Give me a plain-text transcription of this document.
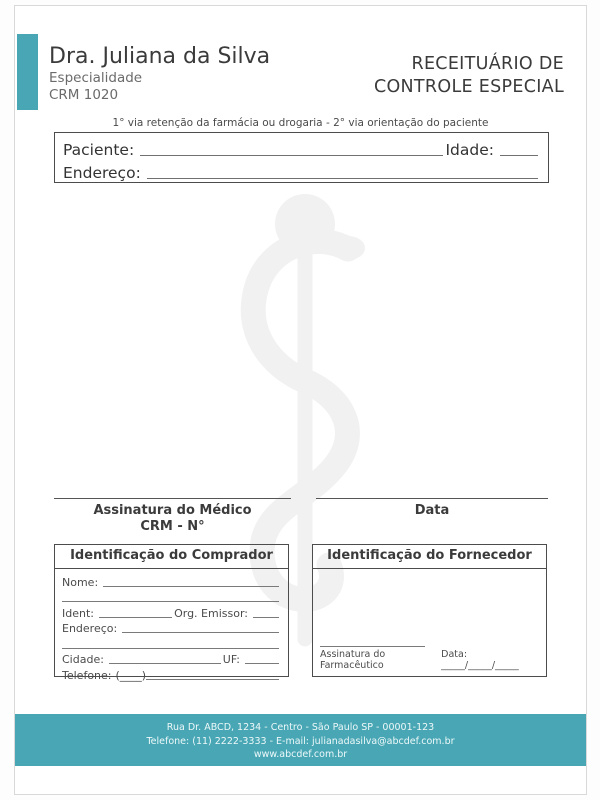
Dra. Juliana da Silva
Especialidade
CRM 1020
RECEITUÁRIO DE
CONTROLE ESPECIAL
1° via retenção da farmácia ou drogaria - 2° via orientação do paciente
Paciente:	Idade:
Endereço:
Assinatura do Médico
CRM - N°
Data
Identificação do Comprador
Nome:
Ident:	Org. Emissor:
Endereço:
Cidade:	UF:
Telefone: (____)
Identificação do Fornecedor
Assinatura do Farmacêutico
Data: _____/_____/_____
Rua Dr. ABCD, 1234 - Centro - São Paulo SP - 00001-123
Telefone: (11) 2222-3333 - E-mail: julianadasilva@abcdef.com.br
www.abcdef.com.br
